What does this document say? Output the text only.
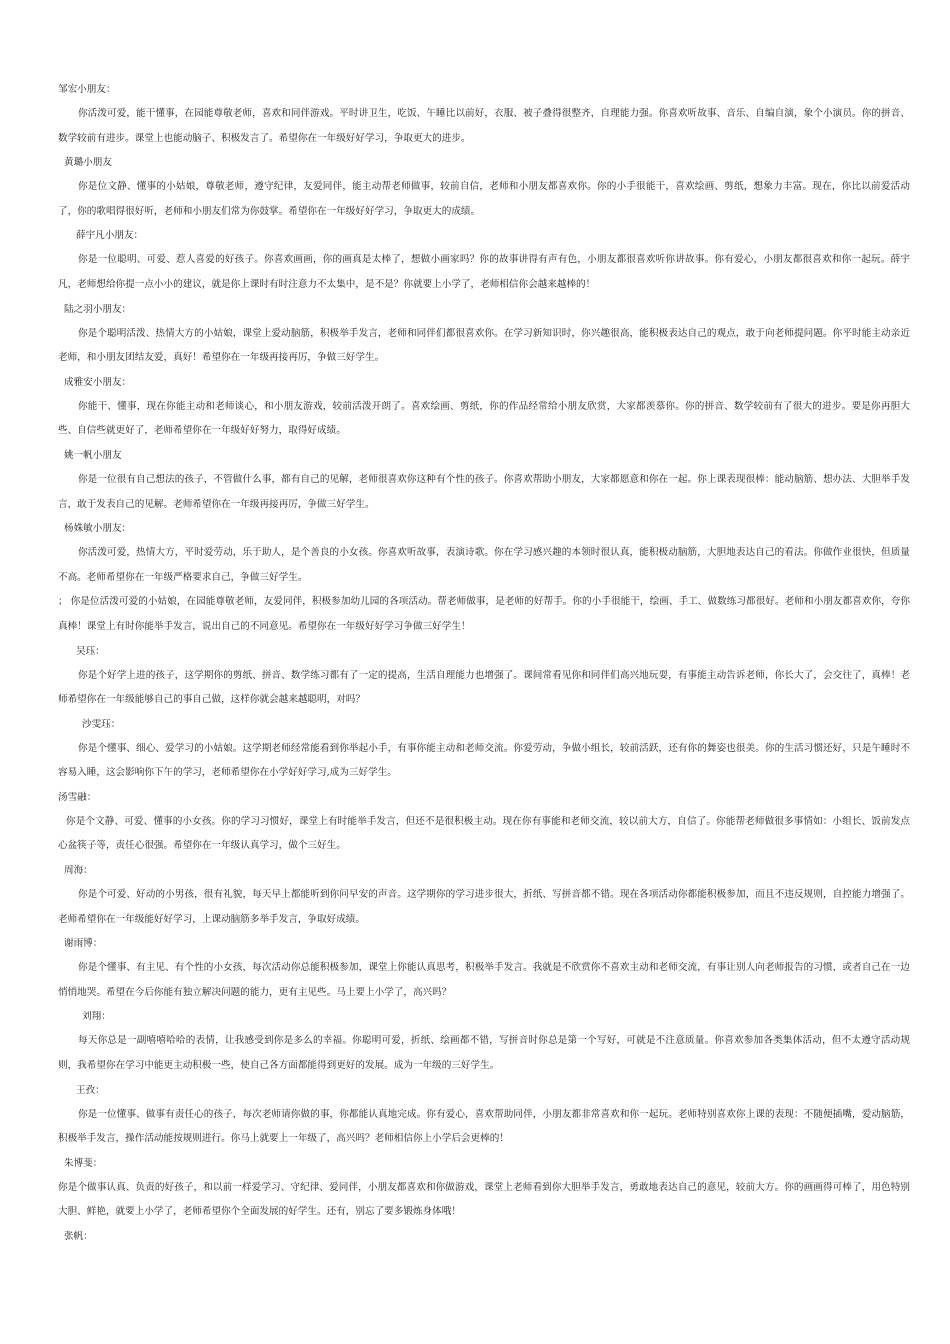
邹宏小朋友：
你活泼可爱，能干懂事，在园能尊敬老师，喜欢和同伴游戏。平时讲卫生，吃饭、午睡比以前好，衣服、被子叠得很整齐，自理能力强。你喜欢听故事、音乐、自编自演，象个小演员。你的拼音、数学较前有进步。课堂上也能动脑子、积极发言了。希望你在一年级好好学习，争取更大的进步。
黄璐小朋友
你是位文静、懂事的小姑娘，尊敬老师，遵守纪律，友爱同伴，能主动帮老师做事，较前自信，老师和小朋友都喜欢你。你的小手很能干，喜欢绘画、剪纸，想象力丰富。现在，你比以前爱活动了，你的歌唱得很好听，老师和小朋友们常为你鼓掌。希望你在一年级好好学习，争取更大的成绩。
薛宇凡小朋友：
你是一位聪明、可爱、惹人喜爱的好孩子。你喜欢画画，你的画真是太棒了，想做小画家吗？你的故事讲得有声有色，小朋友都很喜欢听你讲故事。你有爱心，小朋友都很喜欢和你一起玩。薛宇凡，老师想给你提一点小小的建议，就是你上课时有时注意力不太集中，是不是？你就要上小学了，老师相信你会越来越棒的！
陆之羽小朋友：
你是个聪明活泼、热情大方的小姑娘，课堂上爱动脑筋，积极举手发言，老师和同伴们都很喜欢你。在学习新知识时，你兴趣很高，能积极表达自己的观点，敢于向老师提问题。你平时能主动亲近老师，和小朋友团结友爱，真好！希望你在一年级再接再厉，争做三好学生。
成雅安小朋友：
你能干、懂事，现在你能主动和老师谈心，和小朋友游戏，较前活泼开朗了。喜欢绘画、剪纸，你的作品经常给小朋友欣赏，大家都羡慕你。你的拼音、数学较前有了很大的进步。要是你再胆大些、自信些就更好了，老师希望你在一年级好好努力，取得好成绩。
姚一帆小朋友
你是一位很有自己想法的孩子，不管做什么事，都有自己的见解，老师很喜欢你这种有个性的孩子。你喜欢帮助小朋友，大家都愿意和你在一起。你上课表现很棒：能动脑筋、想办法、大胆举手发言，敢于发表自己的见解。老师希望你在一年级再接再厉，争做三好学生。
杨姝敏小朋友：
你活泼可爱，热情大方，平时爱劳动，乐于助人，是个善良的小女孩。你喜欢听故事，表演诗歌。你在学习感兴趣的本领时很认真，能积极动脑筋，大胆地表达自己的看法。你做作业很快，但质量不高。老师希望你在一年级严格要求自己，争做三好学生。
； 你是位活泼可爱的小姑娘，在园能尊敬老师，友爱同伴，积极参加幼儿园的各项活动。帮老师做事，是老师的好帮手。你的小手很能干，绘画、手工、做数练习都很好。老师和小朋友都喜欢你，夸你真棒！课堂上有时你能举手发言，说出自己的不同意见。希望你在一年级好好学习争做三好学生！
吴珏：
你是个好学上进的孩子，这学期你的剪纸、拼音、数学练习都有了一定的提高，生活自理能力也增强了。课间常看见你和同伴们高兴地玩耍，有事能主动告诉老师，你长大了，会交往了，真棒！老师希望你在一年级能够自己的事自己做，这样你就会越来越聪明，对吗？
沙雯珏：
你是个懂事、细心、爱学习的小姑娘。这学期老师经常能看到你举起小手，有事你能主动和老师交流。你爱劳动，争做小组长，较前活跃，还有你的舞姿也很美。你的生活习惯还好，只是午睡时不容易入睡，这会影响你下午的学习，老师希望你在小学好好学习,成为三好学生。
汤雪融：
你是个文静、可爱、懂事的小女孩。你的学习习惯好，课堂上有时能举手发言，但还不是很积极主动。现在你有事能和老师交流，较以前大方，自信了。你能帮老师做很多事情如：小组长、饭前发点心盆筷子等，责任心很强。希望你在一年级认真学习，做个三好生。
周海：
你是个可爱、好动的小男孩，很有礼貌，每天早上都能听到你问早安的声音。这学期你的学习进步很大，折纸、写拼音都不错。现在各项活动你都能积极参加，而且不违反规则，自控能力增强了。老师希望你在一年级能好好学习，上课动脑筋多举手发言，争取好成绩。
谢雨博：
你是个懂事、有主见、有个性的小女孩，每次活动你总能积极参加，课堂上你能认真思考，积极举手发言。我就是不欣赏你不喜欢主动和老师交流，有事让别人向老师报告的习惯，或者自己在一边悄悄地哭。希望在今后你能有独立解决问题的能力，更有主见些。马上要上小学了，高兴吗？
刘翔：
每天你总是一副嘻嘻哈哈的表情，让我感受到你是多么的幸福。你聪明可爱，折纸、绘画都不错，写拼音时你总是第一个写好，可就是不注意质量。你喜欢参加各类集体活动，但不太遵守活动规则，我希望你在学习中能更主动积极一些，使自己各方面都能得到更好的发展。成为一年级的三好学生。
王孜：
你是一位懂事、做事有责任心的孩子，每次老师请你做的事，你都能认真地完成。你有爱心，喜欢帮助同伴，小朋友都非常喜欢和你一起玩。老师特别喜欢你上课的表现：不随便插嘴，爱动脑筋，积极举手发言，操作活动能按规则进行。你马上就要上一年级了，高兴吗？老师相信你上小学后会更棒的！
朱博斐：
你是个做事认真、负责的好孩子，和以前一样爱学习、守纪律、爱同伴，小朋友都喜欢和你做游戏，课堂上老师看到你大胆举手发言，勇敢地表达自己的意见，较前大方。你的画画得可棒了，用色特别大胆、鲜艳，就要上小学了，老师希望你个全面发展的好学生。还有，别忘了要多锻炼身体哦！
张帆：
